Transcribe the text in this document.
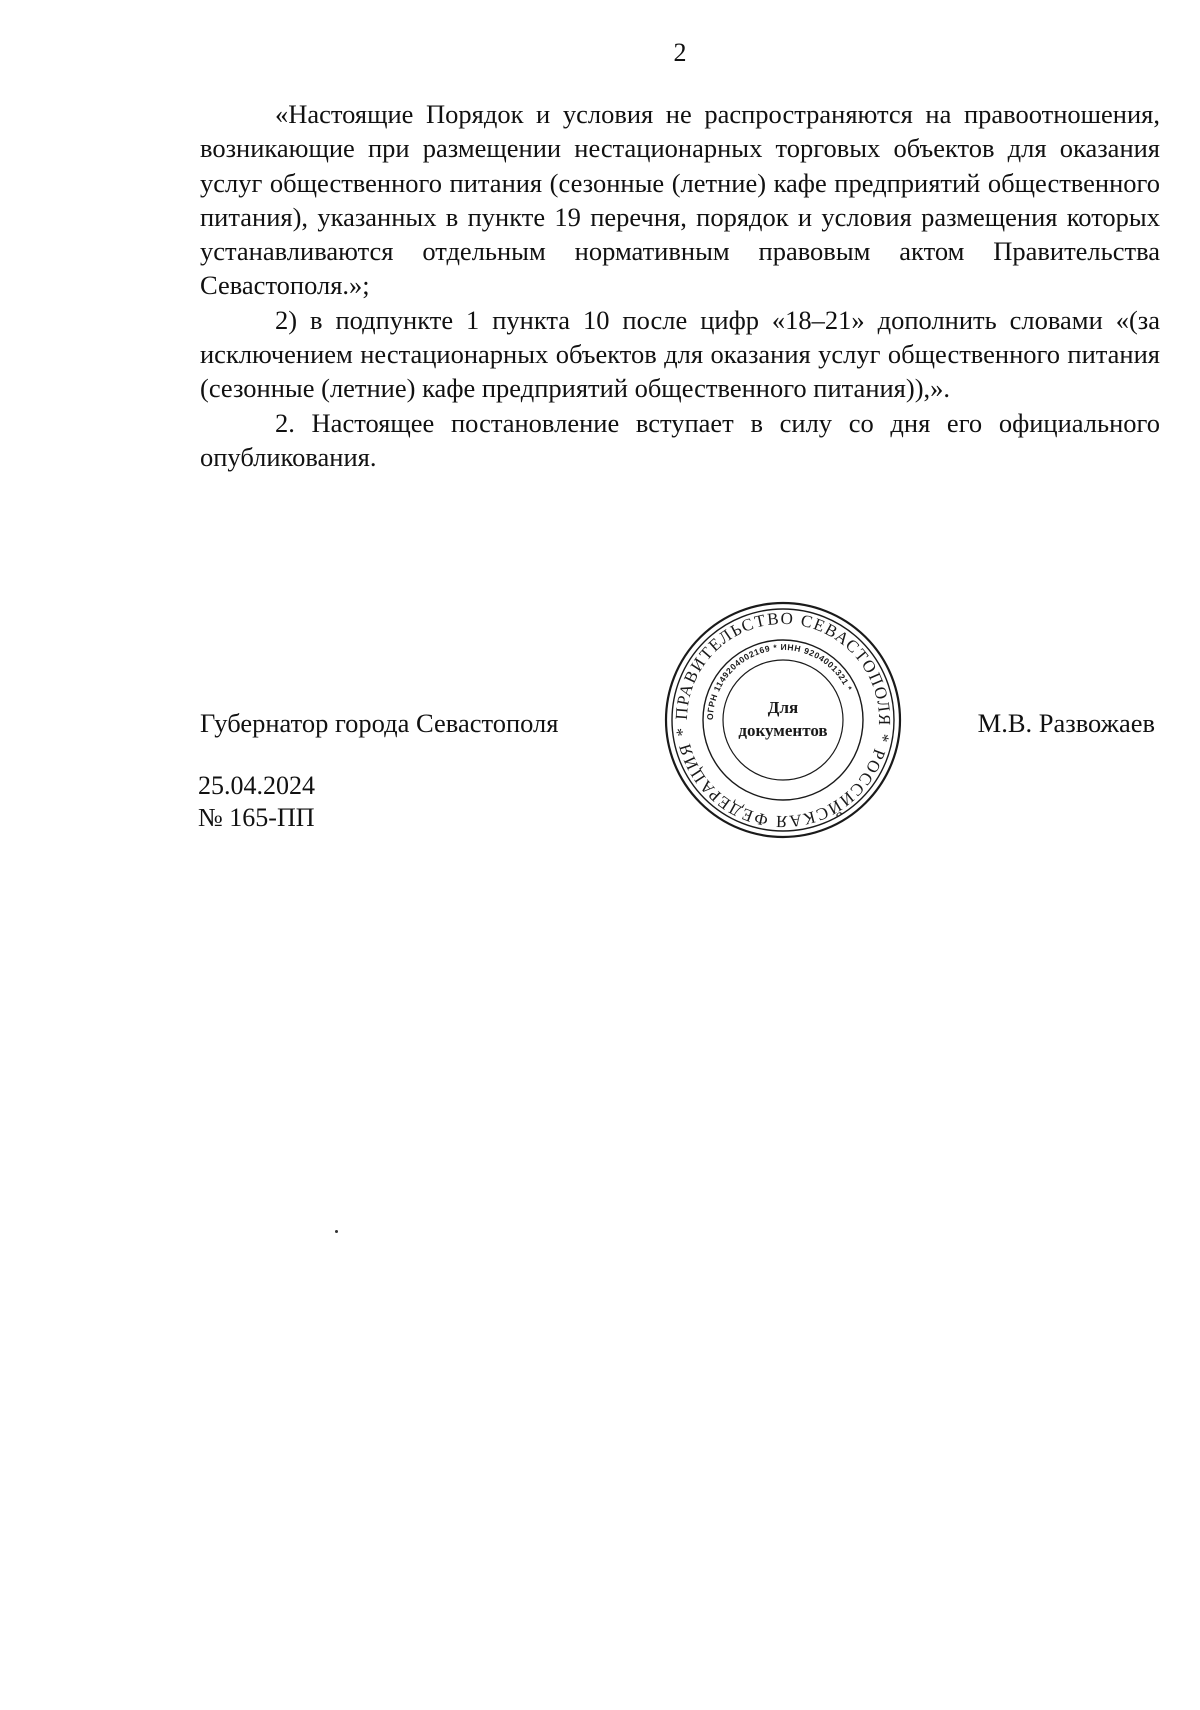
2

«Настоящие Порядок и условия не распространяются на правоотношения, возникающие при размещении нестационарных торговых объектов для оказания услуг общественного питания (сезонные (летние) кафе предприятий общественного питания), указанных в пункте 19 перечня, порядок и условия размещения которых устанавливаются отдельным нормативным правовым актом Правительства Севастополя.»;

2) в подпункте 1 пункта 10 после цифр «18–21» дополнить словами «(за исключением нестационарных объектов для оказания услуг общественного питания (сезонные (летние) кафе предприятий общественного питания)),».

2. Настоящее постановление вступает в силу со дня его официального опубликования.

Губернатор города Севастополя	ПРАВИТЕЛЬСТВО СЕВАСТОПОЛЯ * РОССИЙСКАЯ ФЕДЕРАЦИЯ *
ОГРН 1149204002169 * ИНН 9204001321 *
Для
документов	М.В. Развожаев
25.04.2024
№ 165-ПП
